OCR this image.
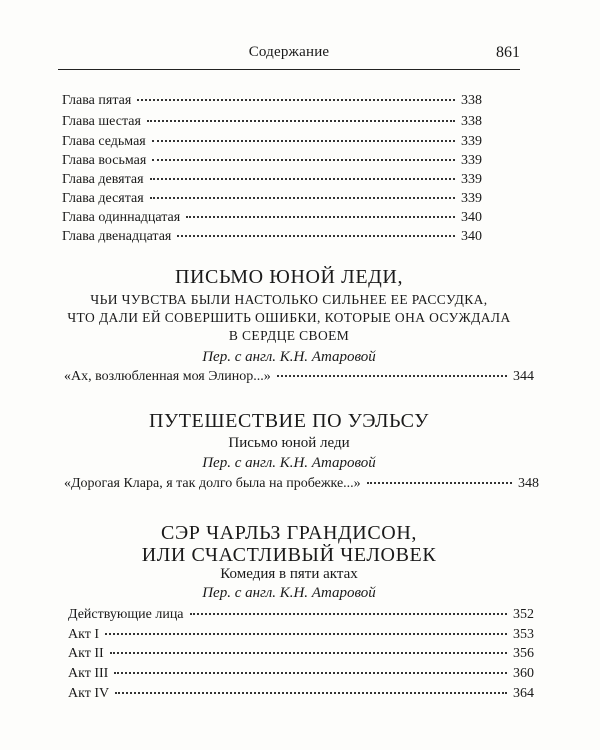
Содержание	861
Глава пятая	338
Глава шестая	338
Глава седьмая	339
Глава восьмая	339
Глава девятая	339
Глава десятая	339
Глава одиннадцатая	340
Глава двенадцатая	340
ПИСЬМО ЮНОЙ ЛЕДИ,
ЧЬИ ЧУВСТВА БЫЛИ НАСТОЛЬКО СИЛЬНЕЕ ЕЕ РАССУДКА,
ЧТО ДАЛИ ЕЙ СОВЕРШИТЬ ОШИБКИ, КОТОРЫЕ ОНА ОСУЖДАЛА
В СЕРДЦЕ СВОЕМ
Пер. с англ. К.Н. Атаровой
«Ах, возлюбленная моя Элинор...»	344
ПУТЕШЕСТВИЕ ПО УЭЛЬСУ
Письмо юной леди
Пер. с англ. К.Н. Атаровой
«Дорогая Клара, я так долго была на пробежке...»	348
СЭР ЧАРЛЬЗ ГРАНДИСОН,
ИЛИ СЧАСТЛИВЫЙ ЧЕЛОВЕК
Комедия в пяти актах
Пер. с англ. К.Н. Атаровой
Действующие лица	352
Акт I	353
Акт II	356
Акт III	360
Акт IV	364
